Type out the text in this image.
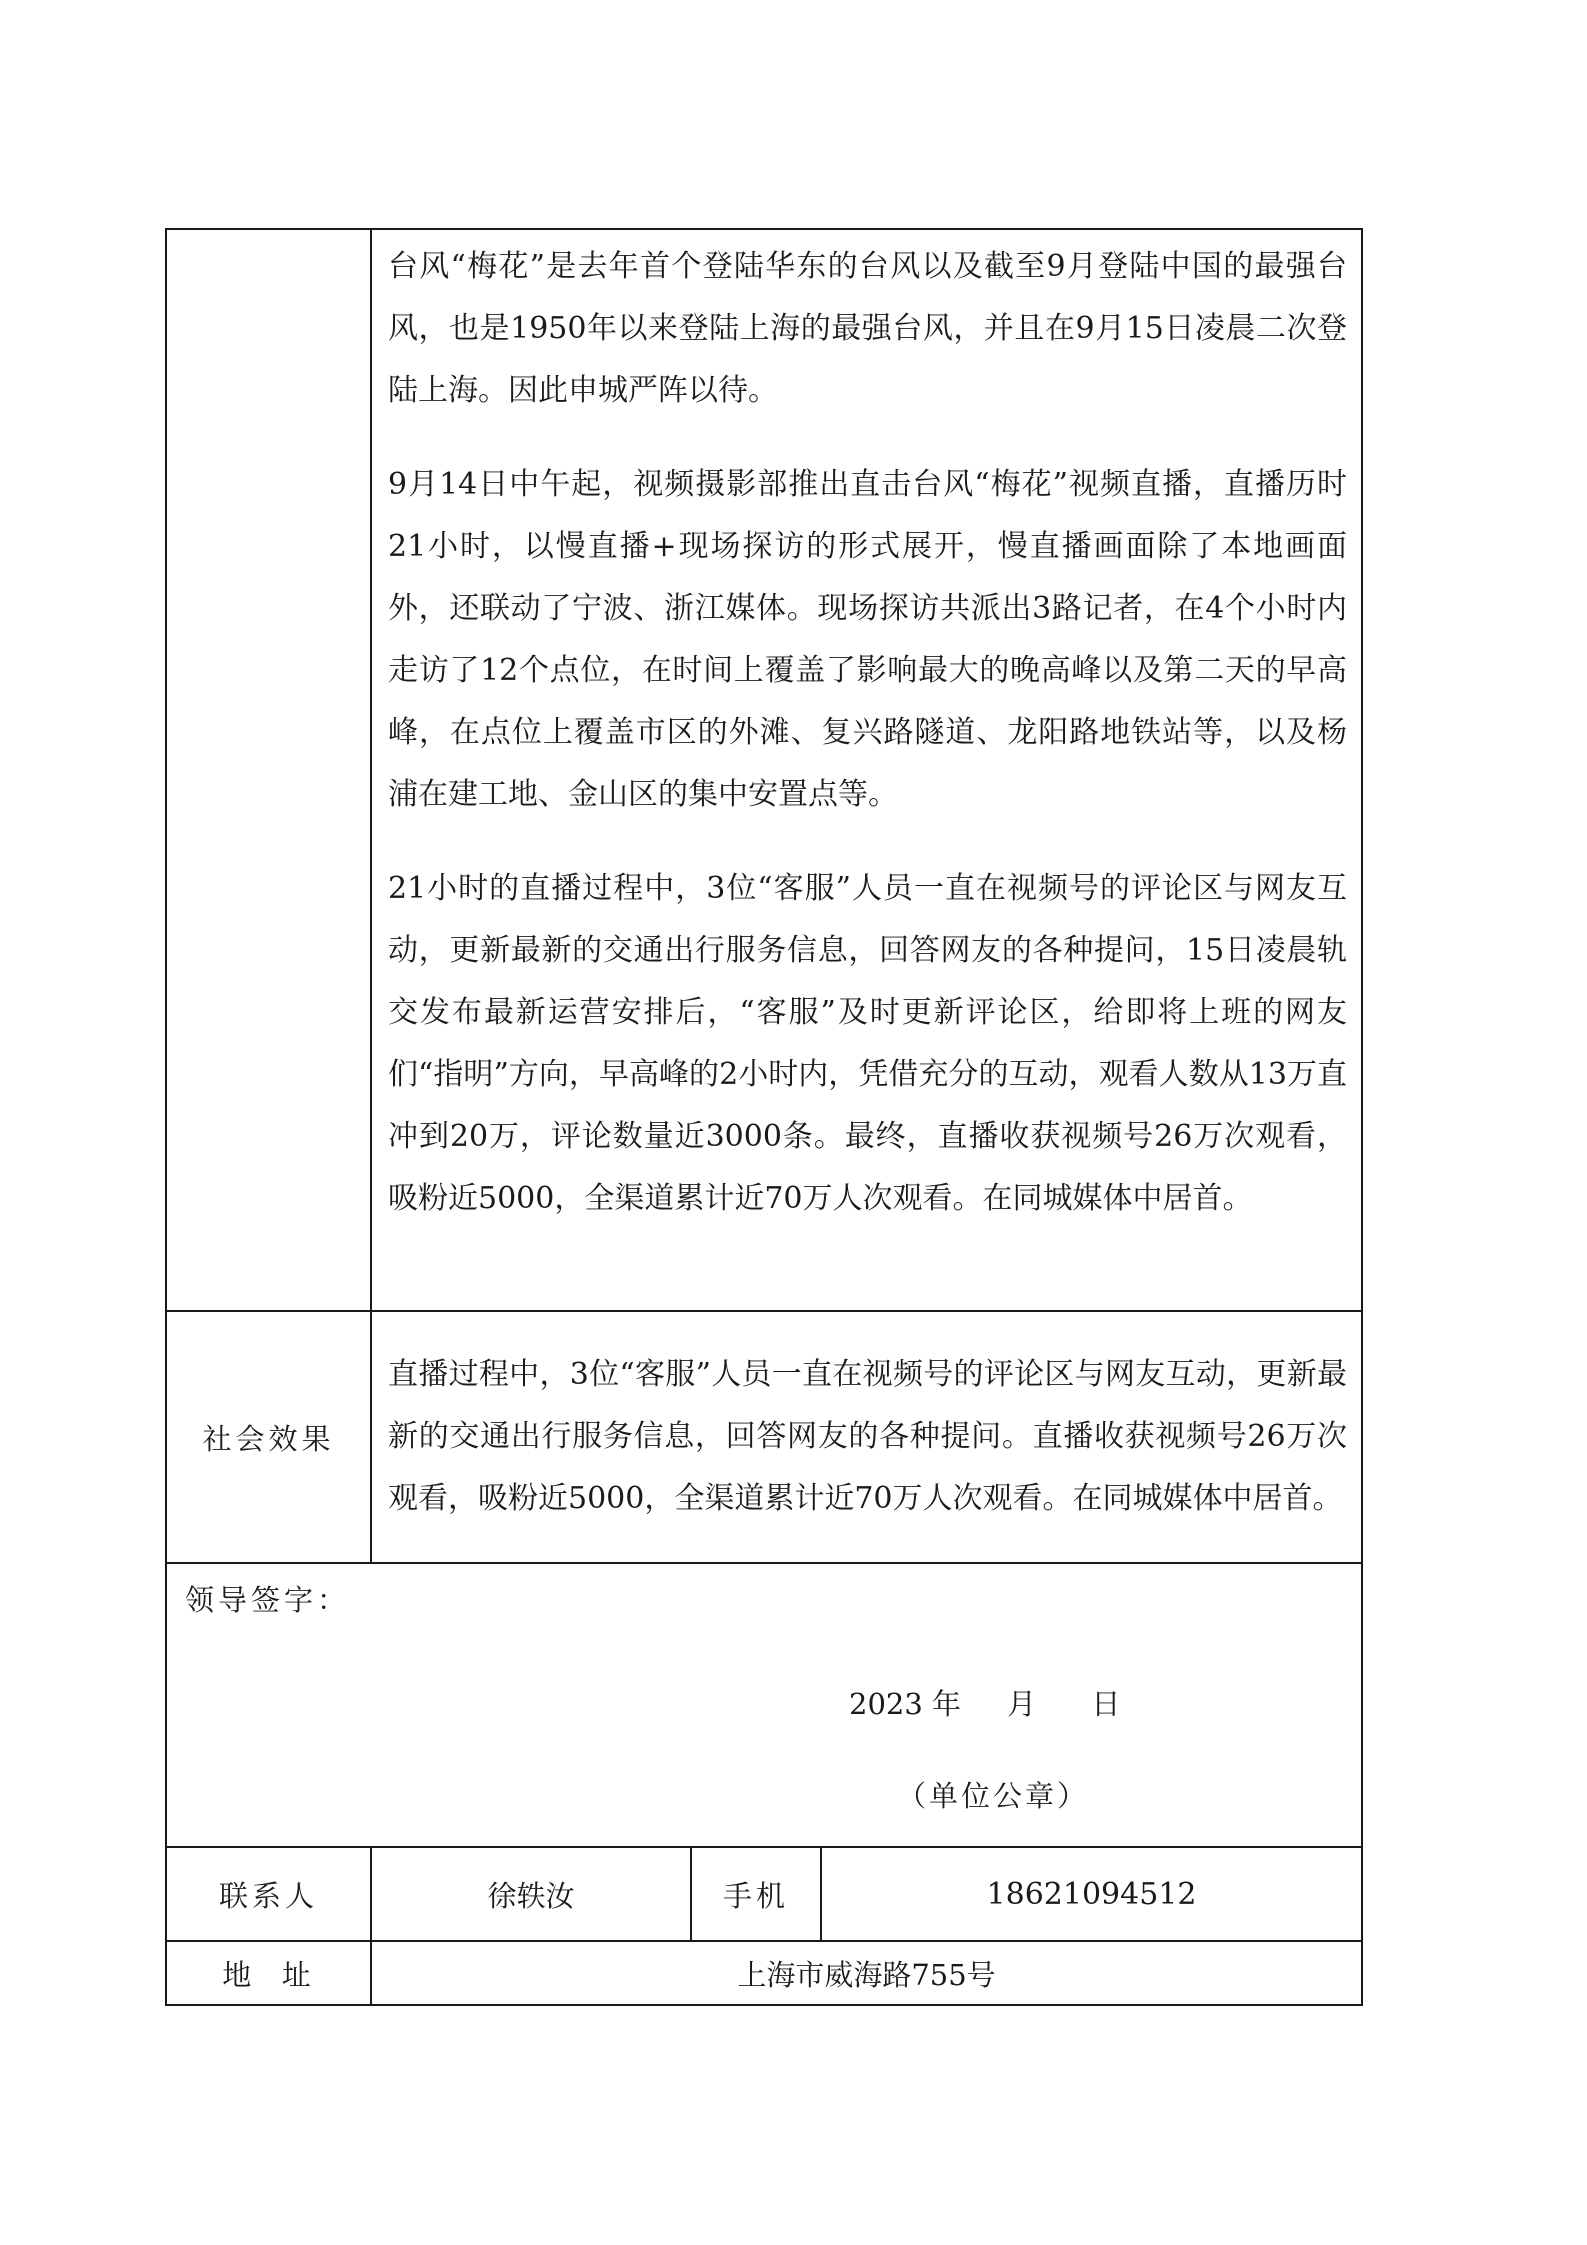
	台风“梅花”是去年首个登陆华东的台风以及截至9月登陆中国的最强台风，也是1950年以来登陆上海的最强台风，并且在9月15日凌晨二次登陆上海。因此申城严阵以待。

9月14日中午起，视频摄影部推出直击台风“梅花”视频直播，直播历时21小时，以慢直播+现场探访的形式展开，慢直播画面除了本地画面外，还联动了宁波、浙江媒体。现场探访共派出3路记者，在4个小时内走访了12个点位，在时间上覆盖了影响最大的晚高峰以及第二天的早高峰，在点位上覆盖市区的外滩、复兴路隧道、龙阳路地铁站等，以及杨浦在建工地、金山区的集中安置点等。

21小时的直播过程中，3位“客服”人员一直在视频号的评论区与网友互动，更新最新的交通出行服务信息，回答网友的各种提问，15日凌晨轨交发布最新运营安排后，“客服”及时更新评论区，给即将上班的网友们“指明”方向，早高峰的2小时内，凭借充分的互动，观看人数从13万直冲到20万，评论数量近3000条。最终，直播收获视频号26万次观看，吸粉近5000，全渠道累计近70万人次观看。在同城媒体中居首。		

社会效果	直播过程中，3位“客服”人员一直在视频号的评论区与网友互动，更新最新的交通出行服务信息，回答网友的各种提问。直播收获视频号26万次观看，吸粉近5000，全渠道累计近70万人次观看。在同城媒体中居首。		

领导签字：
2023 年     月      日
（单位公章）			

联系人	徐轶汝	手机	18621094512
地  址	上海市威海路755号		
